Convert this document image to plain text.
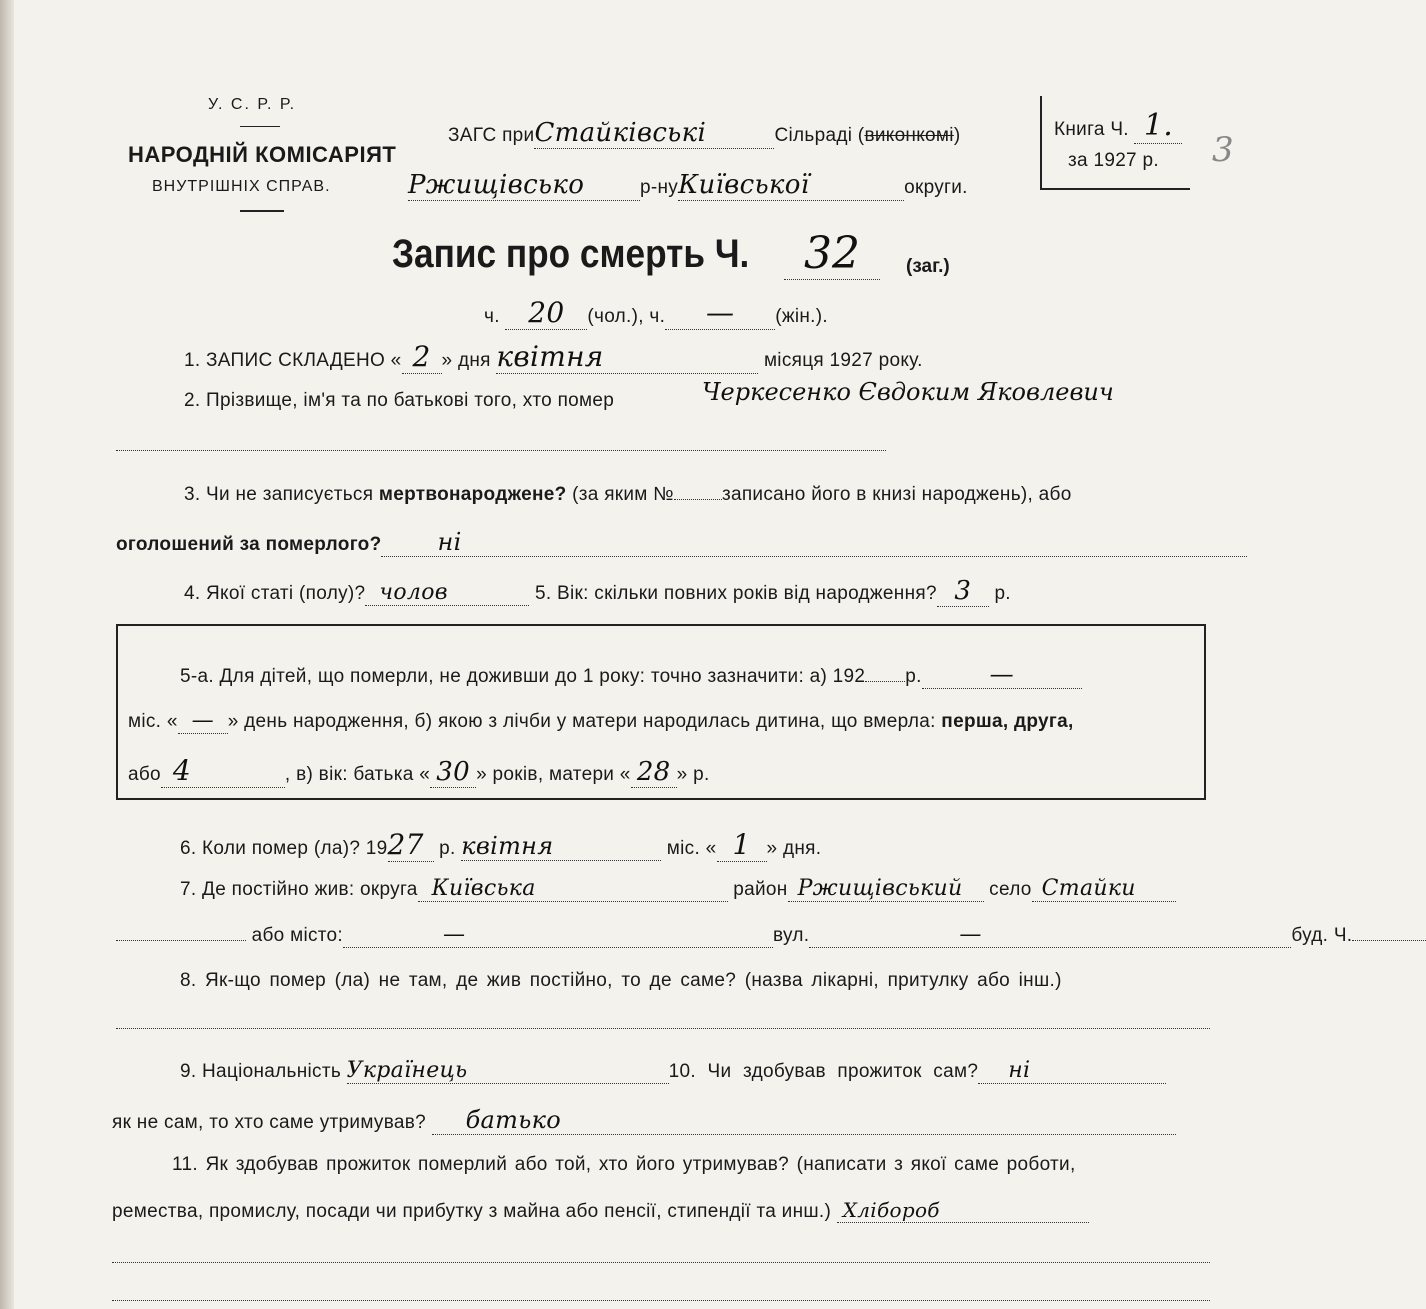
У. С. Р. Р.
НАРОДНІЙ КОМІСАРІЯТ
ВНУТРІШНІХ СПРАВ.
ЗАГС приСтайківські	Сільраді (виконкомі)
Ржищівсько	р-нуКиївської	округи.
Книга Ч. 1.
за 1927 р. 3
Запис про смерть Ч.	32	(заг.)
ч. 20 (чол.), ч. — (жін.).
1. ЗАПИС СКЛАДЕНО « 2 » дня квітня	місяця 1927 року.
2. Прізвище, ім'я та по батькові того, хто помер	Черкесенко Євдоким Яковлевич
3. Чи не записується мертвонароджене? (за яким №	записано його в книзі народжень), або
оголошений за померлого? ні
4. Якої статі (полу)? чолов	5. Вік: скільки повних років від народження? 3 р.
5-а. Для дітей, що померли, не доживши до 1 року: точно зазначити: а) 192 р.	—
міс. « — » день народження, б) якою з лічби у матери народилась дитина, що вмерла: перша, друга,
або 4	, в) вік: батька « 30 » років, матери « 28 » р.
6. Коли помер (ла)? 1927 р. квітня	міс. « 1 » дня.
7. Де постійно жив: округа Київська	район Ржищівський село Стайки
або місто:	—	вул.	—	буд. Ч.
8. Як-що помер (ла) не там, де жив постійно, то де саме? (назва лікарні, притулку або інш.)
9. Національність Українець	10. Чи здобував прожиток сам? ні
як не сам, то хто саме утримував? батько
11. Як здобував прожиток померлий або той, хто його утримував? (написати з якої саме роботи,
ремества, промислу, посади чи прибутку з майна або пенсії, стипендії та инш.) Хлібороб
